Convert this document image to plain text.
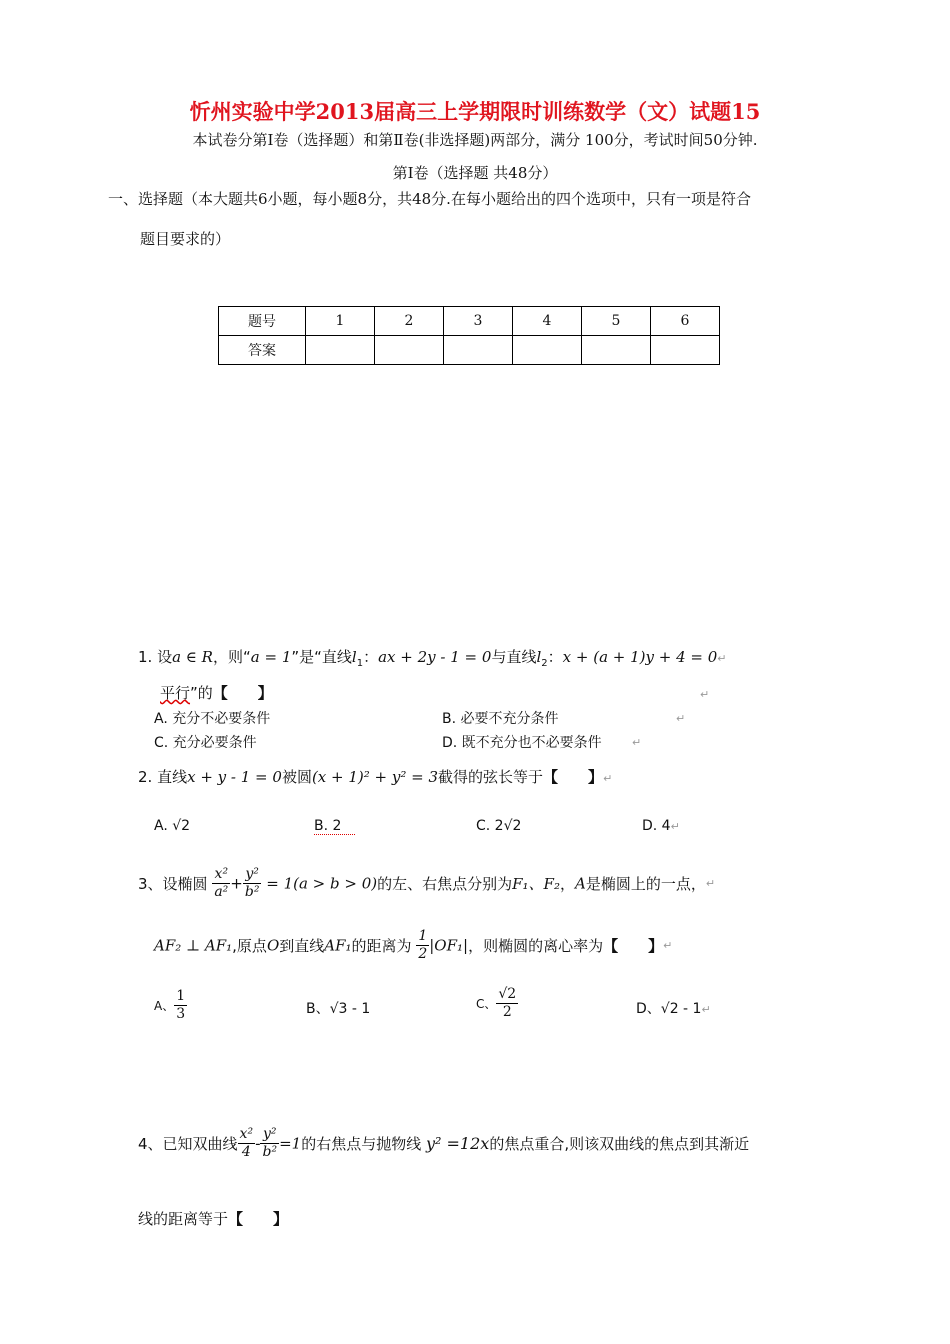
忻州实验中学2013届高三上学期限时训练数学（文）试题15
本试卷分第Ⅰ卷（选择题）和第Ⅱ卷(非选择题)两部分，满分 100分，考试时间50分钟.
第Ⅰ卷（选择题 共48分）
一、选择题（本大题共6小题，每小题8分，共48分.在每小题给出的四个选项中，只有一项是符合
题目要求的）
题号	1	2	3	4	5	6
答案						
1. 设a ∈ R，则“a = 1”是“直线$l_1$：ax + 2y - 1 = 0与直线$l_2$：x + (a + 1)y + 4 = 0↵
平行”的【　　】	↵
A. 充分不必要条件	B. 必要不充分条件	↵
C. 充分必要条件	D. 既不充分也不必要条件	↵
2. 直线x + y - 1 = 0被圆(x + 1)² + y² = 3截得的弦长等于【　　】↵
A. √2	B. 2	C. 2√2	D. 4↵
3、设椭圆 $\frac{\text{x²}}{\text{a²}} + \frac{\text{y²}}{\text{b²}} = 1(a > b > 0)$的左、右焦点分别为F₁、F₂，A是椭圆上的一点，↵
AF₂ ⊥ AF₁,原点O到直线AF₁的距离为 $\frac{1}{2} |OF_1|$，则椭圆的离心率为【　　】↵
A、 $\frac{1}{3}$	B、√3 - 1	C、 $\frac{√2}{2}$	D、√2 - 1↵
4、已知双曲线 $\frac{\text{x²}}{4} - \frac{\text{y²}}{\text{b²}} =1$的右焦点与抛物线 y² =12x的焦点重合,则该双曲线的焦点到其渐近
线的距离等于【　　】
